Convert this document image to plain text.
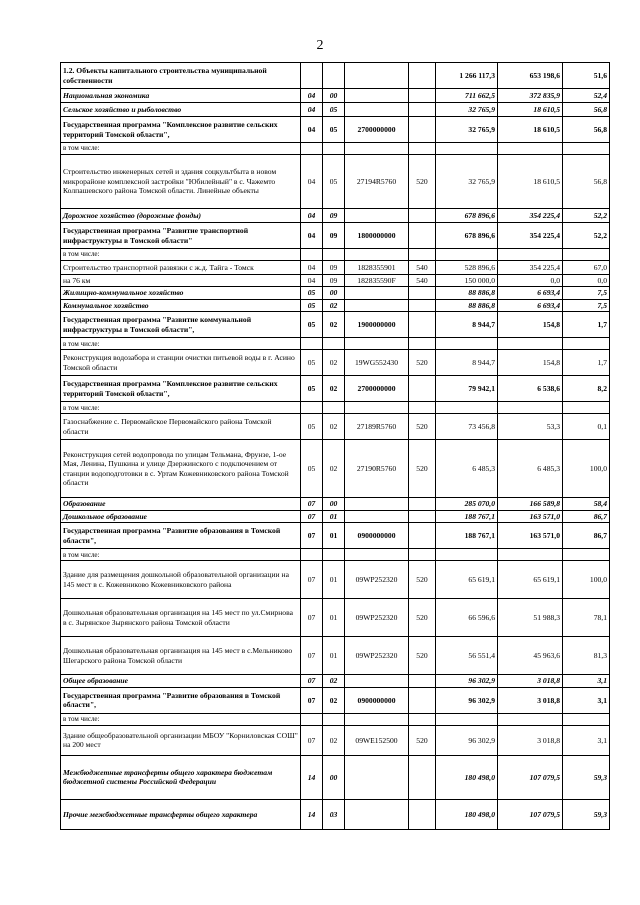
2
1.2. Объекты капитального строительства муниципальной собственности					1 266 117,3	653 198,6	51,6
Национальная экономика	04	00			711 662,5	372 835,9	52,4
Сельское хозяйство и рыболовство	04	05			32 765,9	18 610,5	56,8
Государственная программа "Комплексное развитие сельских территорий Томской области",	04	05	2700000000		32 765,9	18 610,5	56,8
в том числе:							
Строительство инженерных сетей и здания соцкультбыта в новом микрорайоне комплексной застройки "Юбилейный" в с. Чажемто Колпашевского района Томской области. Линейные объекты	04	05	27194R5760	520	32 765,9	18 610,5	56,8
Дорожное хозяйство (дорожные фонды)	04	09			678 896,6	354 225,4	52,2
Государственная программа "Развитие транспортной инфраструктуры в Томской области"	04	09	1800000000		678 896,6	354 225,4	52,2
в том числе:							
Строительство транспортной развязки с ж.д. Тайга - Томск	04	09	1828355901	540	528 896,6	354 225,4	67,0
на 76 км	04	09	182835590F	540	150 000,0	0,0	0,0
Жилищно-коммунальное хозяйство	05	00			88 886,8	6 693,4	7,5
Коммунальное хозяйство	05	02			88 886,8	6 693,4	7,5
Государственная программа "Развитие коммунальной инфраструктуры в Томской области",	05	02	1900000000		8 944,7	154,8	1,7
в том числе:							
Реконструкция водозабора и станции очистки питьевой воды в г. Асино Томской области	05	02	19WG552430	520	8 944,7	154,8	1,7
Государственная программа "Комплексное развитие сельских территорий Томской области",	05	02	2700000000		79 942,1	6 538,6	8,2
в том числе:							
Газоснабжение с. Первомайское Первомайского района Томской области	05	02	27189R5760	520	73 456,8	53,3	0,1
Реконструкция сетей водопровода по улицам Тельмана, Фрунзе, 1-ое Мая, Ленина, Пушкина и улице Дзержинского с подключением от станции водоподготовки в с. Уртам Кожевниковского района Томской области	05	02	27190R5760	520	6 485,3	6 485,3	100,0
Образование	07	00			285 070,0	166 589,8	58,4
Дошкольное образование	07	01			188 767,1	163 571,0	86,7
Государственная программа "Развитие образования в Томской области",	07	01	0900000000		188 767,1	163 571,0	86,7
в том числе:							
Здание для размещения дошкольной образовательной организации на 145 мест в с. Кожевниково Кожевниковского района	07	01	09WP252320	520	65 619,1	65 619,1	100,0
Дошкольная образовательная организация на 145 мест по ул.Смирнова в с. Зырянское Зырянского района Томской области	07	01	09WP252320	520	66 596,6	51 988,3	78,1
Дошкольная образовательная организация на 145 мест в с.Мельниково Шегарского района Томской области	07	01	09WP252320	520	56 551,4	45 963,6	81,3
Общее образование	07	02			96 302,9	3 018,8	3,1
Государственная программа "Развитие образования в Томской области",	07	02	0900000000		96 302,9	3 018,8	3,1
в том числе:							
Здание общеобразовательной организации МБОУ "Корниловская СОШ" на 200 мест	07	02	09WE152500	520	96 302,9	3 018,8	3,1
Межбюджетные трансферты общего характера бюджетам бюджетной системы Российской Федерации	14	00			180 498,0	107 079,5	59,3
Прочие межбюджетные трансферты общего характера	14	03			180 498,0	107 079,5	59,3
